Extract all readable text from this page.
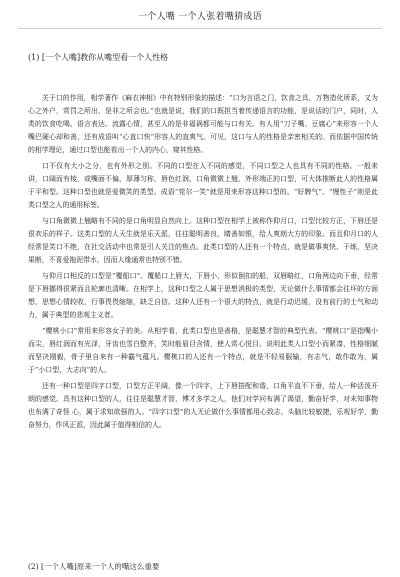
一个人嘴 一个人张着嘴猜成语
(1) [一个人嘴]教你从嘴型看一个人性格

关于口的作用，相学著作《麻衣神相》中有特别形象的描述：“口为言语之门，饮食之具，万物造化所系，又为心之外户，赏罚之所出，是非之所会也。”也就是说，我们的口既担当着传递语言的功能，是说话的门户，同时，人类的饮食吃喝、语言表达、流露心情，甚至人的是非福祸都可能与口有关。有人用“刀子嘴、豆腐心”来形容一个人嘴巴硬心却和善，还有成语叫“心直口快”形容人的直爽气。可见，这口与人的性格是亲密相关的。而依据中国传统的相学理论，通过口型也能看出一个人的内心，窥其性格。

口不仅有大小之分，也有外形之别。不同的口型在人不同的感觉，不同口型之人也具有不同的性格。一般来讲，口阔而有棱，或嘴面不偏，厚薄匀称，唇色红润，口角微微上翘，外形端正的口型，可大体推断此人的性格属于平和型。这种口型也就是爱微笑的类型。成语“莞尔一笑”就是用来形容这种口型的。“好脾气”、“慢性子”则是此类口型之人的通用标签。

与口角微微上翘略有不同的是口角明显自然向上。这种口型在相学上被称作仰月口，口型比较方正，下唇还是很欢乐的样子。这类口型的人天生就是乐天派，往往聪明善良，睛善如银，给人爽朗大方的印象。而且仰月口的人经常是笑口不绝，在社交活动中也常是引人关注的焦点。此类口型的人还有一个特点，就是做事爽快、干练，坚决果断，不喜爱拖泥带水，因而人缘通常也特别不错。

与仰月口相反的口型是“覆船口”。覆船口上唇大，下唇小，形似倒扣的船，双唇略红，口角两边向下垂，经常是下唇挪得很紧而且轮廓也清晰。在相学上，这种口型之人属于思想消极的类型，无论做什么事情都会往坏的方面想，思想心情较收，行事畏畏缩缩，缺乏自信。这种人还有一个很大的特点，就是行动迟缓，没有前行的士气和动力，属于典型的悲观主义者。

“樱桃小口”常用来形容女子的美。从相学看，此类口型也是善格，是聪慧才智的典型代表。“樱桃口”是指嘴小而尖，唇红润而有光泽，牙齿也雪白整齐，笑时能眉目含情，使人赏心悦目。说明此类人口型小而紧凑，性格细腻而坚决刚毅，骨子里自来有一种霸气蕴凡。樱桃口的人还有一个特点，就是不轻易服输，有志气，敢作敢为，属于“小口型、大志向”的人。

还有一种口型是四字口型，口型方正平阔，像一个四字，上下唇搭配和谐，口角平直不下垂，给人一种活泼开朗的感觉。具有这种口型的人，往往是聪慧才智，博才多学之人，他们对学问布满了渴望，勤奋好学，对未知事物也布满了奇怪 心，属于求知欲强的人。“四字口型”的人无论做什么事情都用心致志，头脑比较敏捷，乐观好学，勤奋努力，作风正派，因此属于值得相信的人。

(2) [一个人嘴]原来一个人的嘴这么重要
